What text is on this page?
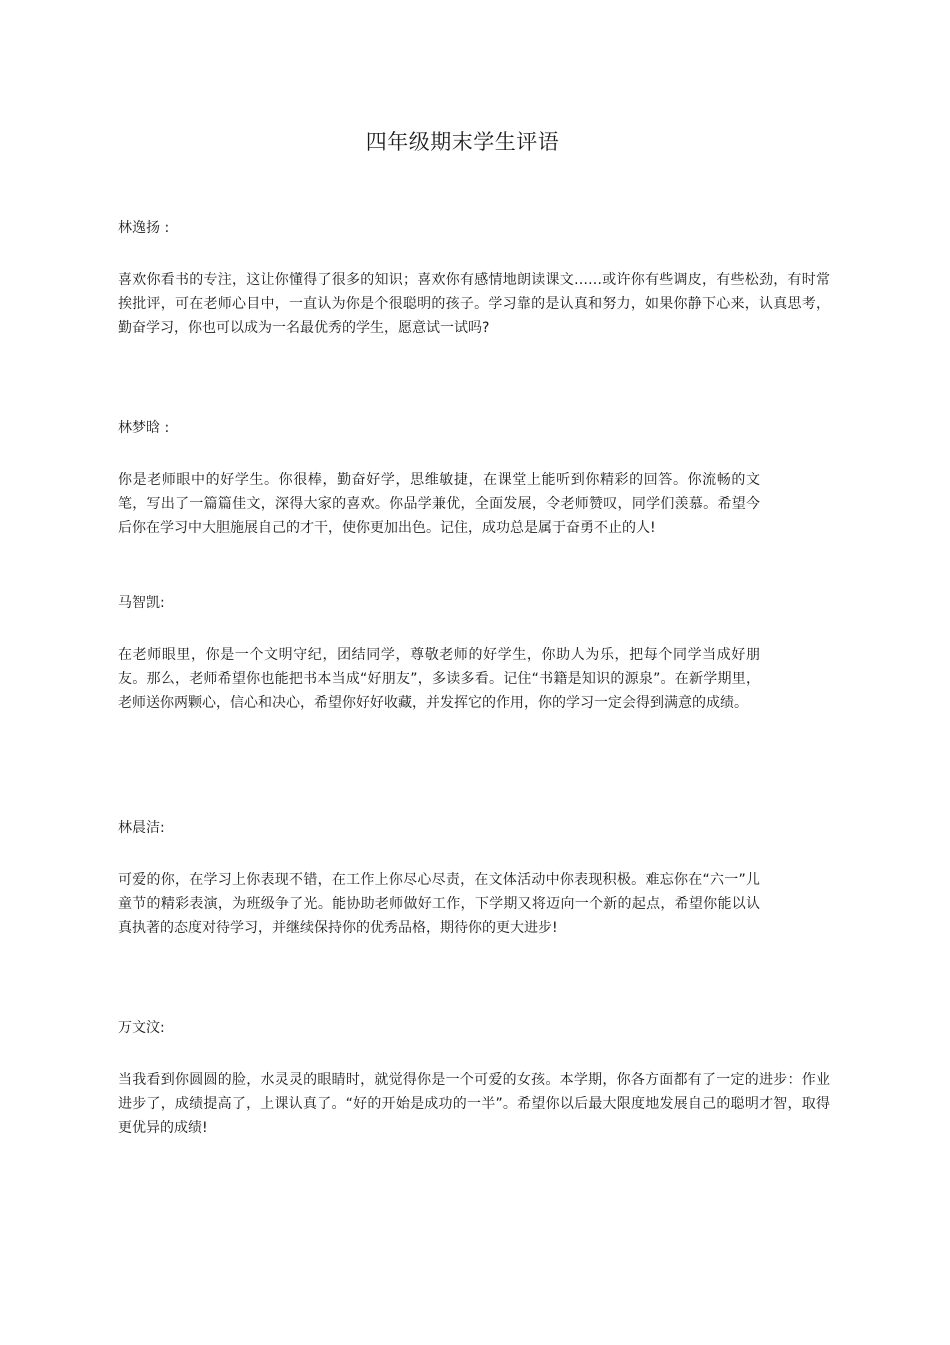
四年级期末学生评语
林逸扬 :
喜欢你看书的专注，这让你懂得了很多的知识；喜欢你有感情地朗读课文……或许你有些调皮，有些松劲，有时常挨批评，可在老师心目中，一直认为你是个很聪明的孩子。学习靠的是认真和努力，如果你静下心来，认真思考，勤奋学习，你也可以成为一名最优秀的学生，愿意试一试吗?
林梦晗 :
你是老师眼中的好学生。你很棒，勤奋好学，思维敏捷，在课堂上能听到你精彩的回答。你流畅的文笔，写出了一篇篇佳文，深得大家的喜欢。你品学兼优，全面发展，令老师赞叹，同学们羡慕。希望今后你在学习中大胆施展自己的才干，使你更加出色。记住，成功总是属于奋勇不止的人!
马智凯:
在老师眼里，你是一个文明守纪，团结同学，尊敬老师的好学生，你助人为乐，把每个同学当成好朋友。那么，老师希望你也能把书本当成“好朋友”，多读多看。记住“书籍是知识的源泉”。在新学期里，老师送你两颗心，信心和决心，希望你好好收藏，并发挥它的作用，你的学习一定会得到满意的成绩。
林晨洁:
可爱的你，在学习上你表现不错，在工作上你尽心尽责，在文体活动中你表现积极。难忘你在“六一”儿童节的精彩表演，为班级争了光。能协助老师做好工作，下学期又将迈向一个新的起点，希望你能以认真执著的态度对待学习，并继续保持你的优秀品格，期待你的更大进步!
万文汶:
当我看到你圆圆的脸，水灵灵的眼睛时，就觉得你是一个可爱的女孩。本学期，你各方面都有了一定的进步：作业进步了，成绩提高了，上课认真了。“好的开始是成功的一半”。希望你以后最大限度地发展自己的聪明才智，取得更优异的成绩!
